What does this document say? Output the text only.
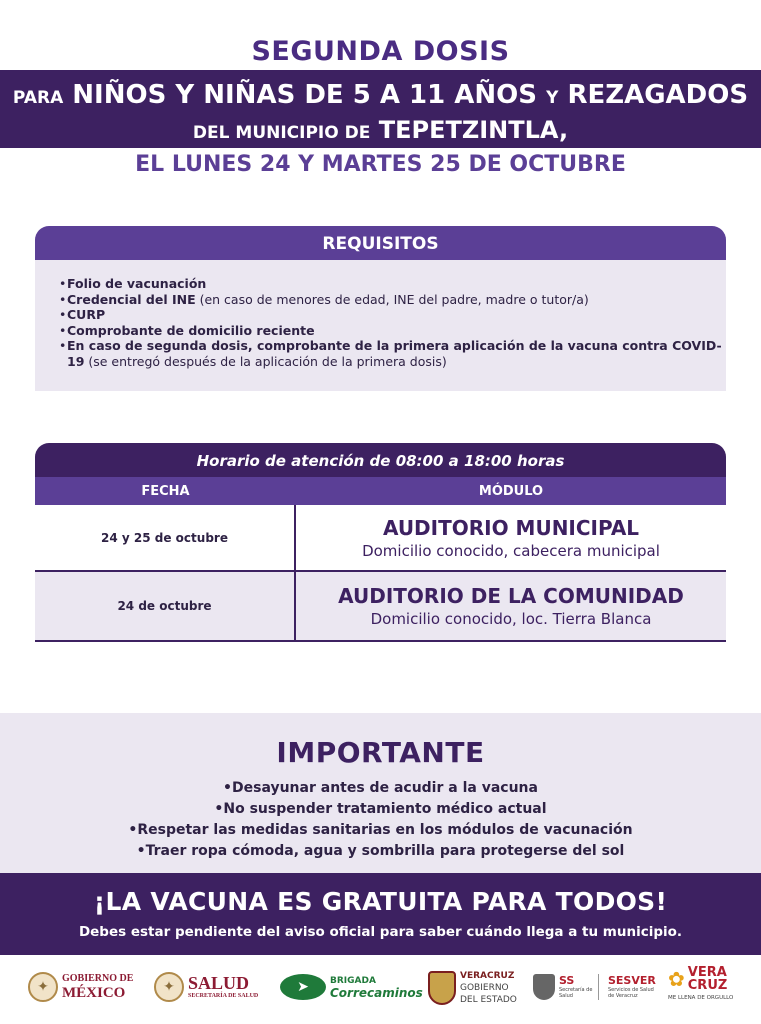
SEGUNDA DOSIS
PARA NIÑOS Y NIÑAS DE 5 A 11 AÑOS Y REZAGADOS
DEL MUNICIPIO DE TEPETZINTLA,
EL LUNES 24 Y MARTES 25 DE OCTUBRE
REQUISITOS
• Folio de vacunación
• Credencial del INE (en caso de menores de edad, INE del padre, madre o tutor/a)
• CURP
• Comprobante de domicilio reciente
• En caso de segunda dosis, comprobante de la primera aplicación de la vacuna contra COVID-19 (se entregó después de la aplicación de la primera dosis)
Horario de atención de 08:00 a 18:00 horas
FECHA	MÓDULO
24 y 25 de octubre	AUDITORIO MUNICIPAL
Domicilio conocido, cabecera municipal
24 de octubre	AUDITORIO DE LA COMUNIDAD
Domicilio conocido, loc. Tierra Blanca
IMPORTANTE
•Desayunar antes de acudir a la vacuna
•No suspender tratamiento médico actual
•Respetar las medidas sanitarias en los módulos de vacunación
•Traer ropa cómoda, agua y sombrilla para protegerse del sol
¡LA VACUNA ES GRATUITA PARA TODOS!
Debes estar pendiente del aviso oficial para saber cuándo llega a tu municipio.
✦
GOBIERNO DE
MÉXICO	✦ SALUD
SECRETARÍA DE SALUD
➤	BRIGADA
Correcaminos
VERACRUZ
GOBIERNO
DEL ESTADO
SS
Secretaría de Salud
SESVER
Servicios de Salud de Veracruz
✿ VERA
CRUZ
ME LLENA DE ORGULLO
